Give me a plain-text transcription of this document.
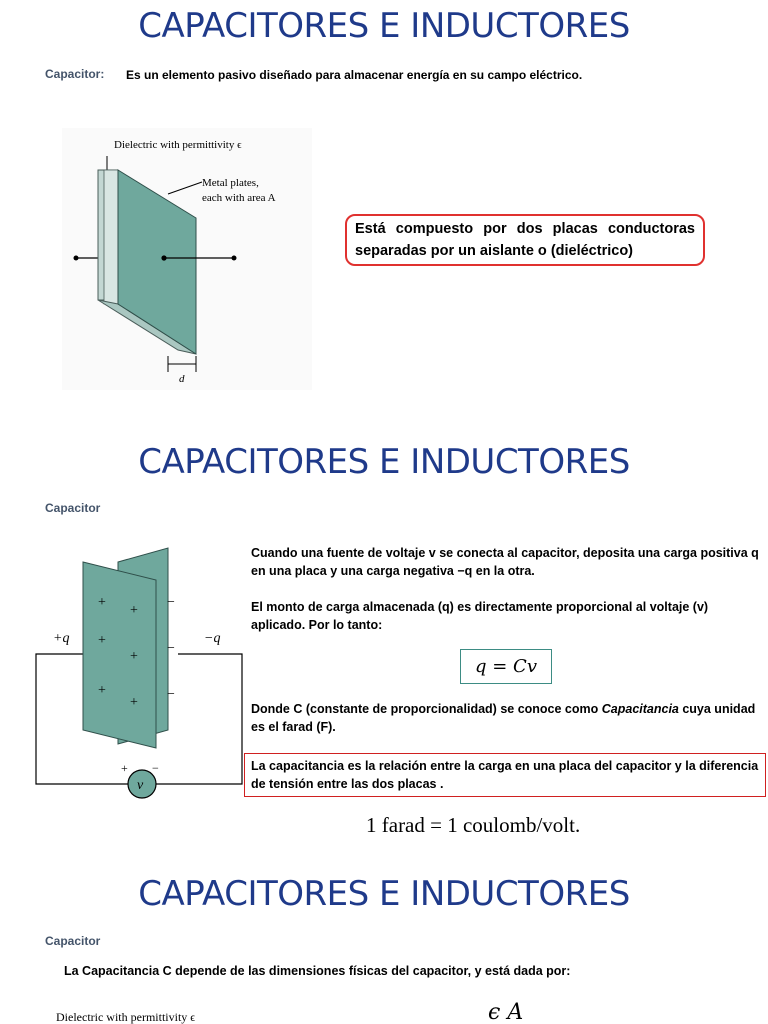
CAPACITORES E INDUCTORES
Capacitor: Es un elemento pasivo diseñado para almacenar energía en su campo eléctrico.
d
Dielectric with permittivity ϵ
Metal plates,
each with area A
Está compuesto por dos placas conductoras separadas por un aislante o (dieléctrico)
CAPACITORES E INDUCTORES
Capacitor
+
+
+
+
+
+
−
−
−
+q	−q
v
+ −
Cuando una fuente de voltaje v se conecta al capacitor, deposita una carga positiva q en una placa y una carga negativa −q en la otra.
El monto de carga almacenada (q) es directamente proporcional al voltaje (v) aplicado. Por lo tanto:
q = Cv
Donde C (constante de proporcionalidad) se conoce como Capacitancia cuya unidad es el farad (F).
La capacitancia es la relación entre la carga en una placa del capacitor y la diferencia de tensión entre las dos placas .
1 farad = 1 coulomb/volt.
CAPACITORES E INDUCTORES
Capacitor
La Capacitancia C depende de las dimensiones físicas del capacitor, y está dada por:
Dielectric with permittivity ϵ	ϵ A
